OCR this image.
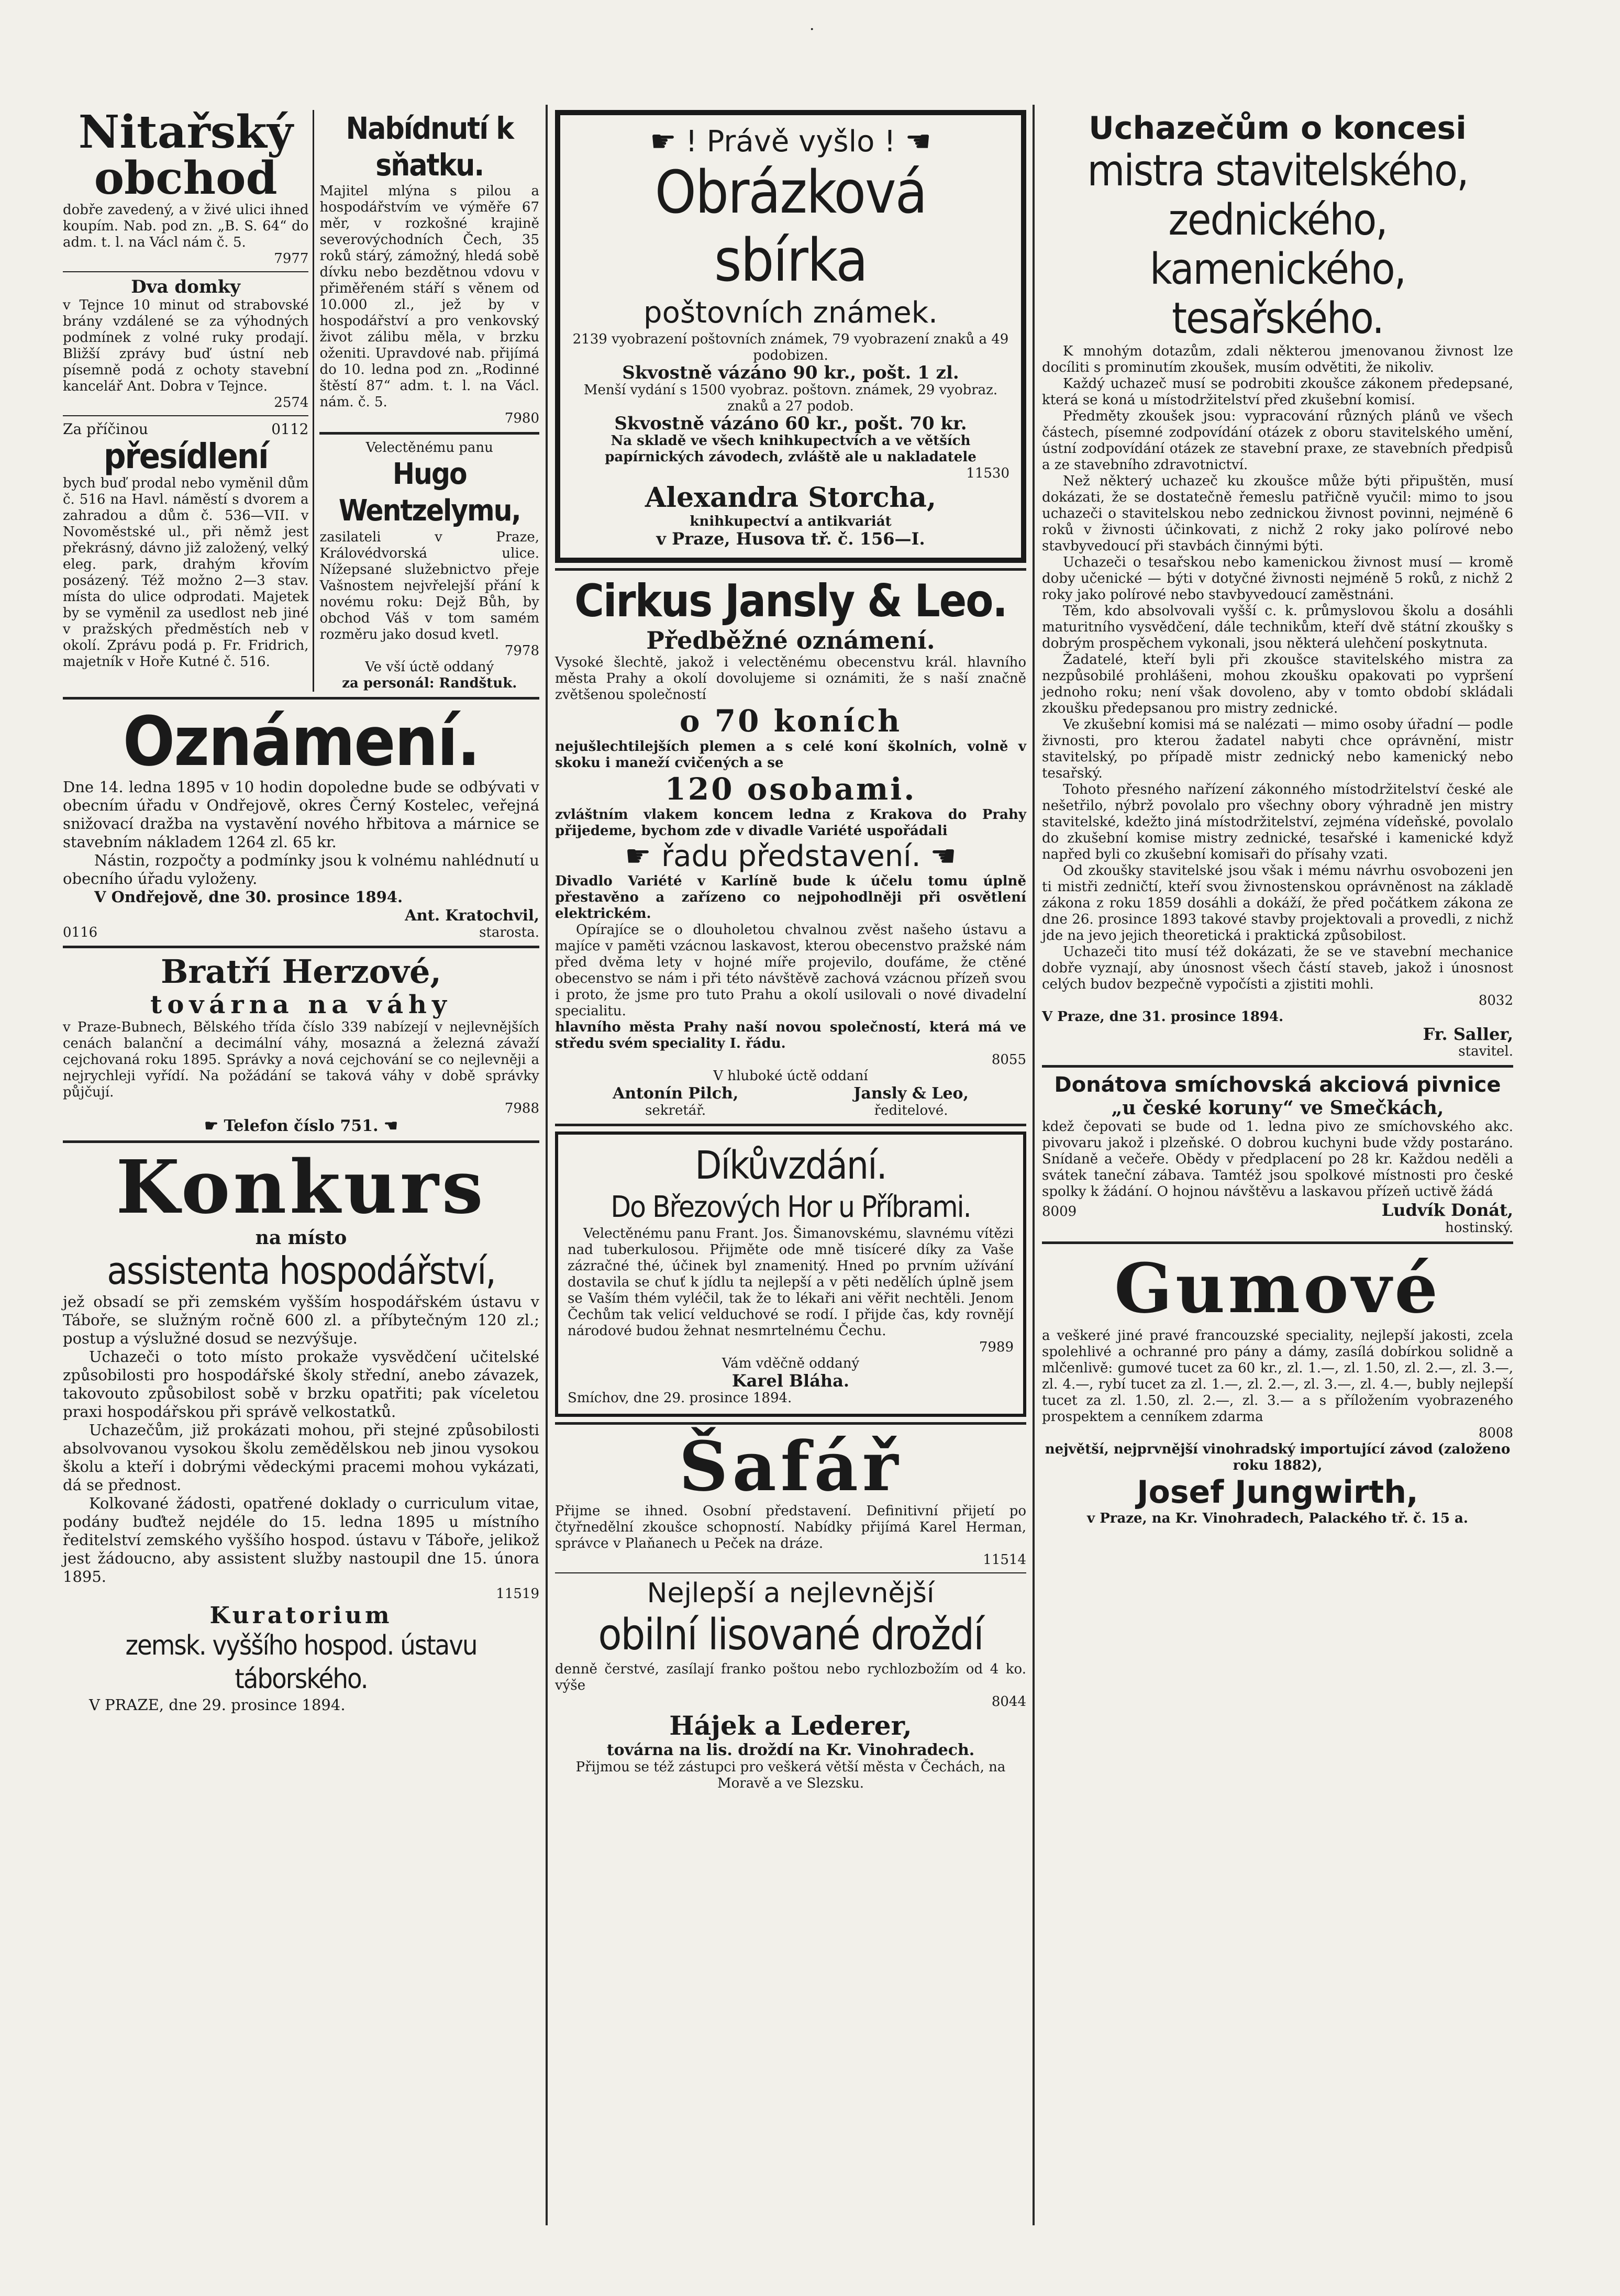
Nitařský
obchod

dobře zavedený, a v živé ulici ihned koupím. Nab. pod zn. „B. S. 64“ do adm. t. l. na Václ nám č. 5.

7977

Dva domky

v Tejnce 10 minut od strabovské brány vzdálené se za výhodných podmínek z volné ruky prodají. Bližší zprávy buď ústní neb písemně podá z ochoty stavební kancelář Ant. Dobra v Tejnce.

2574

Za příčinou	0112
přesídlení

bych buď prodal nebo vyměnil dům č. 516 na Havl. náměstí s dvorem a zahradou a dům č. 536—VII. v Novoměstské ul., při němž jest překrásný, dávno již založený, velký eleg. park, drahým křovím posázený. Též možno 2—3 stav. místa do ulice odprodati. Majetek by se vyměnil za usedlost neb jiné v pražských předměstích neb v okolí. Zprávu podá p. Fr. Fridrich, majetník v Hoře Kutné č. 516.

Nabídnutí k sňatku.

Majitel mlýna s pilou a hospodářstvím ve výměře 67 měr, v rozkošné krajině severovýchodních Čech, 35 roků stárý, zámožný, hledá sobě dívku nebo bezdětnou vdovu v přiměřeném stáří s věnem od 10.000 zl., jež by v hospodářství a pro venkovský život zálibu měla, v brzku oženiti. Upravdové nab. přijímá do 10. ledna pod zn. „Rodinné štěstí 87“ adm. t. l. na Václ. nám. č. 5.

7980

Velectěnému panu

Hugo Wentzelymu,

zasilateli v Praze, Královédvorská ulice. Nížepsané služebnictvo přeje Vašnostem nejvřelejší přání k novému roku: Dejž Bůh, by obchod Váš v tom samém rozměru jako dosud kvetl.

7978

Ve vší úctě oddaný

za personál: Randštuk.

Oznámení.

Dne 14. ledna 1895 v 10 hodin dopoledne bude se odbývati v obecním úřadu v Ondřejově, okres Černý Kostelec, veřejná snižovací dražba na vystavění nového hřbitova a márnice se stavebním nákladem 1264 zl. 65 kr.

Nástin, rozpočty a podmínky jsou k volnému nahlédnutí u obecního úřadu vyloženy.

V Ondřejově, dne 30. prosince 1894.

Ant. Kratochvil,

0116	starosta.
Bratří Herzové,
továrna na váhy

v Praze-Bubnech, Bělského třída číslo 339 nabízejí v nejlevnějších cenách balanční a decimální váhy, mosazná a železná závaží cejchovaná roku 1895. Správky a nová cejchování se co nejlevněji a nejrychleji vyřídí. Na požádání se taková váhy v době správky půjčují.

7988

☛ Telefon číslo 751. ☚
Konkurs
na místo
assistenta hospodářství,

jež obsadí se při zemském vyšším hospodářském ústavu v Táboře, se služným ročně 600 zl. a příbytečným 120 zl.; postup a výslužné dosud se nezvýšuje.

Uchazeči o toto místo prokaže vysvědčení učitelské způsobilosti pro hospodářské školy střední, anebo závazek, takovouto způsobilost sobě v brzku opatřiti; pak víceletou praxi hospodářskou při správě velkostatků.

Uchazečům, již prokázati mohou, při stejné způsobilosti absolvovanou vysokou školu zemědělskou neb jinou vysokou školu a kteří i dobrými vědeckými pracemi mohou vykázati, dá se přednost.

Kolkované žádosti, opatřené doklady o curriculum vitae, podány buďtež nejdéle do 15. ledna 1895 u místního ředitelství zemského vyššího hospod. ústavu v Táboře, jelikož jest žádoucno, aby assistent služby nastoupil dne 15. února 1895.

11519

Kuratorium
zemsk. vyššího hospod. ústavu táborského.

V PRAZE, dne 29. prosince 1894.

☛ ! Právě vyšlo ! ☚
Obrázková sbírka
poštovních známek.

2139 vyobrazení poštovních známek, 79 vyobrazení znaků a 49 podobizen.

Skvostně vázáno 90 kr., pošt. 1 zl.

Menší vydání s 1500 vyobraz. poštovn. známek, 29 vyobraz. znaků a 27 podob.

Skvostně vázáno 60 kr., pošt. 70 kr.

Na skladě ve všech knihkupectvích a ve větších papírnických závodech, zvláště ale u nakladatele

11530

Alexandra Storcha,

knihkupectví a antikvariát

v Praze, Husova tř. č. 156—I.

Cirkus Jansly & Leo.
Předběžné oznámení.

Vysoké šlechtě, jakož i velectěnému obecenstvu král. hlavního města Prahy a okolí dovolujeme si oznámiti, že s naší značně zvětšenou společností

o 70 koních

nejušlechtilejších plemen a s celé koní školních, volně v skoku i maneží cvičených a se

120 osobami.

zvláštním vlakem koncem ledna z Krakova do Prahy přijedeme, bychom zde v divadle Variété uspořádali

☛ řadu představení. ☚

Divadlo Variété v Karlíně bude k účelu tomu úplně přestavěno a zařízeno co nejpohodlněji při osvětlení elektrickém.

Opírajíce se o dlouholetou chvalnou zvěst našeho ústavu a majíce v paměti vzácnou laskavost, kterou obecenstvo pražské nám před dvěma lety v hojné míře projevilo, doufáme, že ctěné obecenstvo se nám i při této návštěvě zachová vzácnou přízeň svou i proto, že jsme pro tuto Prahu a okolí usilovali o nové divadelní specialitu.

hlavního města Prahy naší novou společností, která má ve středu svém speciality I. řádu.

8055

V hluboké úctě oddaní

Antonín Pilch,
sekretář.
Jansly & Leo,
ředitelové.
Díkůvzdání.
Do Březových Hor u Příbrami.

Velectěnému panu Frant. Jos. Šimanovskému, slavnému vítězi nad tuberkulosou. Přijměte ode mně tisíceré díky za Vaše zázračné thé, účinek byl znamenitý. Hned po prvním užívání dostavila se chuť k jídlu ta nejlepší a v pěti nedělích úplně jsem se Vaším thém vyléčil, tak že to lékaři ani věřit nechtěli. Jenom Čechům tak velicí velduchové se rodí. I přijde čas, kdy rovnějí národové budou žehnat nesmrtelnému Čechu.

7989

Vám vděčně oddaný

Karel Bláha.

Smíchov, dne 29. prosince 1894.

Šafář

Přijme se ihned. Osobní představení. Definitivní přijetí po čtyřnedělní zkoušce schopností. Nabídky přijímá Karel Herman, správce v Plaňanech u Peček na dráze.

11514

Nejlepší a nejlevnější
obilní lisované droždí

denně čerstvé, zasílají franko poštou nebo rychlozbožím od 4 ko. výše

8044

Hájek a Lederer,

továrna na lis. droždí na Kr. Vinohradech.

Přijmou se též zástupci pro veškerá větší města v Čechách, na Moravě a ve Slezsku.

Uchazečům o koncesi
mistra stavitelského, zednického, kamenického, tesařského.

K mnohým dotazům, zdali některou jmenovanou živnost lze docíliti s prominutím zkoušek, musím odvětiti, že nikoliv.

Každý uchazeč musí se podrobiti zkoušce zákonem předepsané, která se koná u místodržitelství před zkušební komisí.

Předměty zkoušek jsou: vypracování různých plánů ve všech částech, písemné zodpovídání otázek z oboru stavitelského umění, ústní zodpovídání otázek ze stavební praxe, ze stavebních předpisů a ze stavebního zdravotnictví.

Než některý uchazeč ku zkoušce může býti připuštěn, musí dokázati, že se dostatečně řemeslu patřičně vyučil: mimo to jsou uchazeči o stavitelskou nebo zednickou živnost povinni, nejméně 6 roků v živnosti účinkovati, z nichž 2 roky jako polírové nebo stavbyvedoucí při stavbách činnými býti.

Uchazeči o tesařskou nebo kamenickou živnost musí — kromě doby učenické — býti v dotyčné živnosti nejméně 5 roků, z nichž 2 roky jako polírové nebo stavbyvedoucí zaměstnáni.

Těm, kdo absolvovali vyšší c. k. průmyslovou školu a dosáhli maturitního vysvědčení, dále technikům, kteří dvě státní zkoušky s dobrým prospěchem vykonali, jsou některá ulehčení poskytnuta.

Žadatelé, kteří byli při zkoušce stavitelského mistra za nezpůsobilé prohlášeni, mohou zkoušku opakovati po vypršení jednoho roku; není však dovoleno, aby v tomto období skládali zkoušku předepsanou pro mistry zednické.

Ve zkušební komisi má se nalézati — mimo osoby úřadní — podle živnosti, pro kterou žadatel nabyti chce oprávnění, mistr stavitelský, po případě mistr zednický nebo kamenický nebo tesařský.

Tohoto přesného nařízení zákonného místodržitelství české ale nešetřilo, nýbrž povolalo pro všechny obory výhradně jen mistry stavitelské, kdežto jiná místodržitelství, zejména vídeňské, povolalo do zkušební komise mistry zednické, tesařské i kamenické když napřed byli co zkušební komisaři do přísahy vzati.

Od zkoušky stavitelské jsou však i mému návrhu osvobozeni jen ti mistři zedničtí, kteří svou živnostenskou oprávněnost na základě zákona z roku 1859 dosáhli a dokáží, že před počátkem zákona ze dne 26. prosince 1893 takové stavby projektovali a provedli, z nichž jde na jevo jejich theoretická i praktická způsobilost.

Uchazeči tito musí též dokázati, že se ve stavební mechanice dobře vyznají, aby únosnost všech částí staveb, jakož i únosnost celých budov bezpečně vypočísti a zjistiti mohli.

8032

V Praze, dne 31. prosince 1894.

Fr. Saller,

stavitel.

Donátova smíchovská akciová pivnice
„u české koruny“ ve Smečkách,

kdež čepovati se bude od 1. ledna pivo ze smíchovského akc. pivovaru jakož i plzeňské. O dobrou kuchyni bude vždy postaráno. Snídaně a večeře. Obědy v předplacení po 28 kr. Každou neděli a svátek taneční zábava. Tamtéž jsou spolkové místnosti pro české spolky k žádání. O hojnou návštěvu a laskavou přízeň uctivě žádá

8009	Ludvík Donát,

hostinský.

Gumové

a veškeré jiné pravé francouzské speciality, nejlepší jakosti, zcela spolehlivé a ochranné pro pány a dámy, zasílá dobírkou solidně a mlčenlivě: gumové tucet za 60 kr., zl. 1.—, zl. 1.50, zl. 2.—, zl. 3.—, zl. 4.—, rybí tucet za zl. 1.—, zl. 2.—, zl. 3.—, zl. 4.—, bubly nejlepší tucet za zl. 1.50, zl. 2.—, zl. 3.— a s příložením vyobrazeného prospektem a cenníkem zdarma

8008

největší, nejprvnější vinohradský importující závod (založeno roku 1882),

Josef Jungwirth,

v Praze, na Kr. Vinohradech, Palackého tř. č. 15 a.

.
